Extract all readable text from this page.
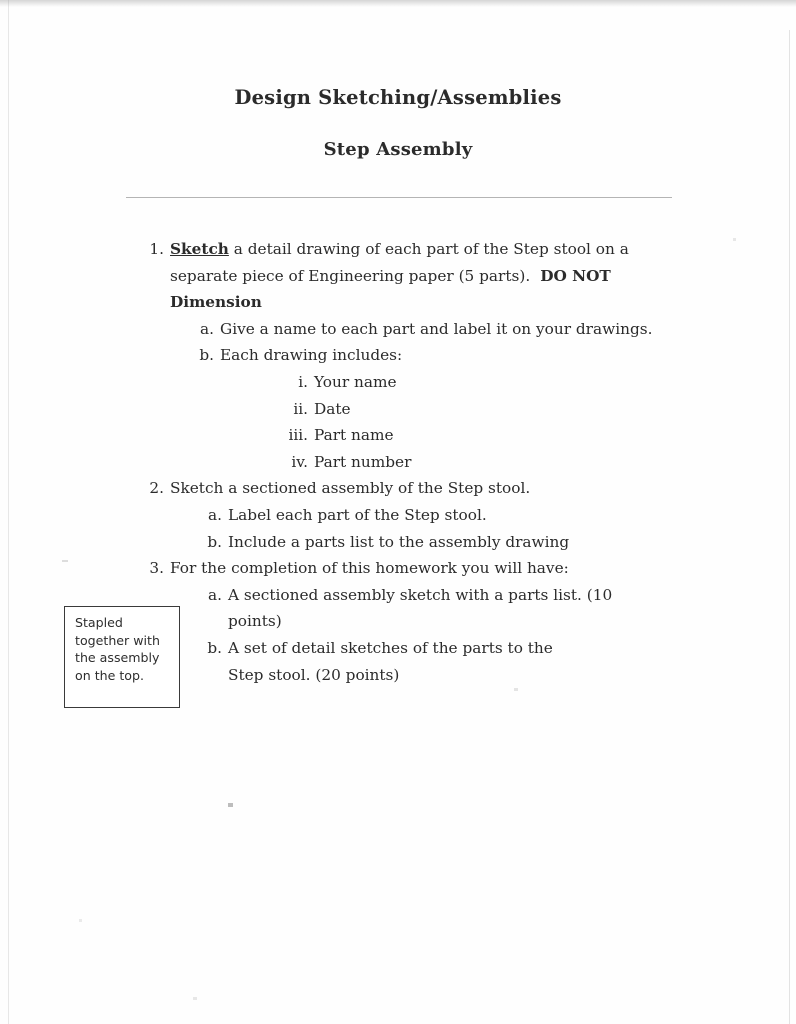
Design Sketching/Assemblies
Step Assembly
1. Sketch a detail drawing of each part of the Step stool on a separate piece of Engineering paper (5 parts). DO NOT Dimension
a. Give a name to each part and label it on your drawings.
b. Each drawing includes:
i. Your name
ii. Date
iii. Part name
iv. Part number
2. Sketch a sectioned assembly of the Step stool.
a. Label each part of the Step stool.
b. Include a parts list to the assembly drawing
3. For the completion of this homework you will have:
a. A sectioned assembly sketch with a parts list. (10 points)
b. A set of detail sketches of the parts to the Step stool. (20 points)
Stapled together with the assembly on the top.
